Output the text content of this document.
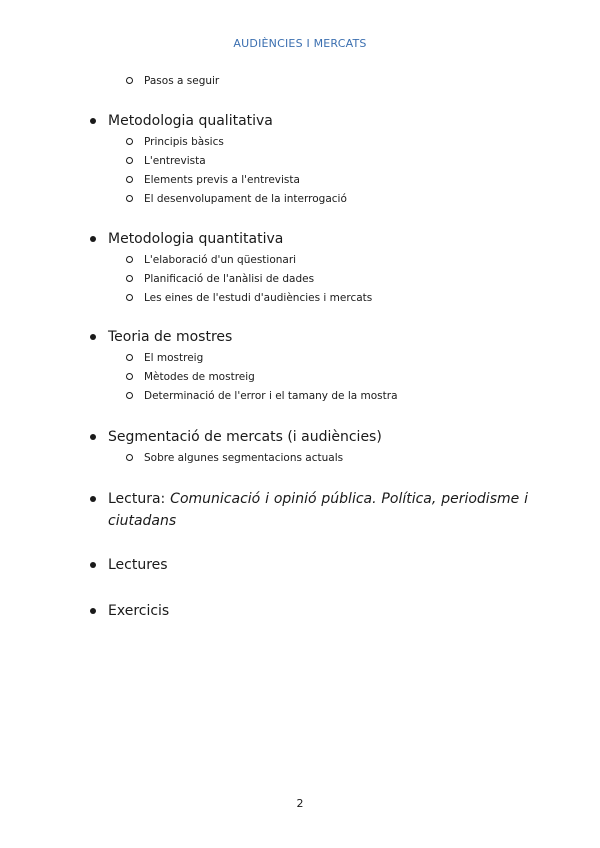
AUDIÈNCIES I MERCATS
Pasos a seguir
Metodologia qualitativa
Principis bàsics
L'entrevista
Elements previs a l'entrevista
El desenvolupament de la interrogació
Metodologia quantitativa
L'elaboració d'un qüestionari
Planificació de l'anàlisi de dades
Les eines de l'estudi d'audiències i mercats
Teoria de mostres
El mostreig
Mètodes de mostreig
Determinació de l'error i el tamany de la mostra
Segmentació de mercats (i audiències)
Sobre algunes segmentacions actuals
Lectura: Comunicació i opinió pública. Política, periodisme i ciutadans
Lectures
Exercicis
2
